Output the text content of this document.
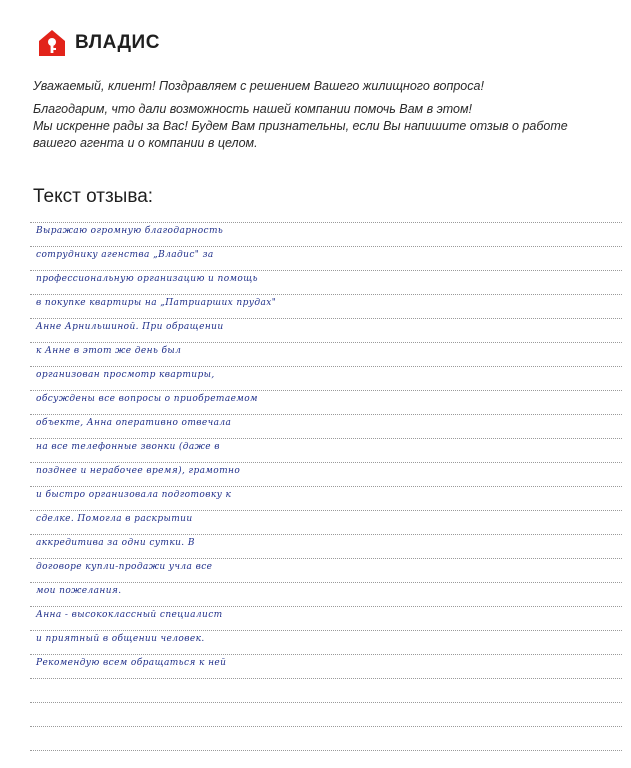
ВЛАДИС

Уважаемый, клиент! Поздравляем с решением Вашего жилищного вопроса!

Благодарим, что дали возможность нашей компании помочь Вам в этом!

Мы искренне рады за Вас! Будем Вам признательны, если Вы напишите отзыв о работе

вашего агента и о компании в целом.

Текст отзыва:
Выражаю огромную благодарность
сотруднику агенства „Владис" за
профессиональную организацию и помощь
в покупке квартиры на „Патриарших прудах"
Анне Арнильшиной. При обращении
к Анне в этот же день был
организован просмотр квартиры,
обсуждены все вопросы о приобретаемом
объекте, Анна оперативно отвечала
на все телефонные звонки (даже в
позднее и нерабочее время), грамотно
и быстро организовала подготовку к
сделке. Помогла в раскрытии
аккредитива за одни сутки. В
договоре купли-продажи учла все
мои пожелания.
Анна - высококлассный специалист
и приятный в общении человек.
Рекомендую всем обращаться к ней
